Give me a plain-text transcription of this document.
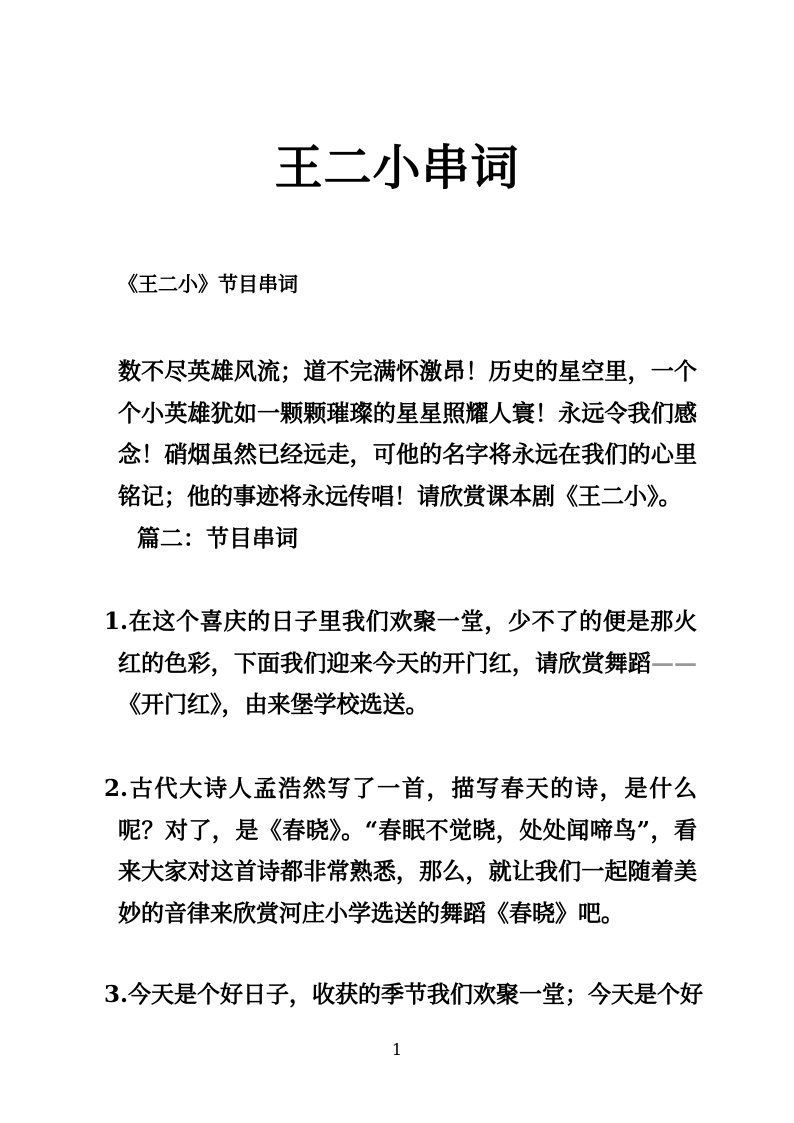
王二小串词
《王二小》节目串词

数不尽英雄风流；道不完满怀激昂！历史的星空里，一个个小英雄犹如一颗颗璀璨的星星照耀人寰！永远令我们感念！硝烟虽然已经远走，可他的名字将永远在我们的心里铭记；他的事迹将永远传唱！请欣赏课本剧《王二小》。

篇二：节目串词

1.在这个喜庆的日子里我们欢聚一堂，少不了的便是那火红的色彩，下面我们迎来今天的开门红，请欣赏舞蹈——《开门红》，由来堡学校选送。

2.古代大诗人孟浩然写了一首，描写春天的诗，是什么呢？对了，是《春晓》。“春眠不觉晓，处处闻啼鸟”，看来大家对这首诗都非常熟悉，那么，就让我们一起随着美妙的音律来欣赏河庄小学选送的舞蹈《春晓》吧。

3.今天是个好日子，收获的季节我们欢聚一堂；今天是个好

1
